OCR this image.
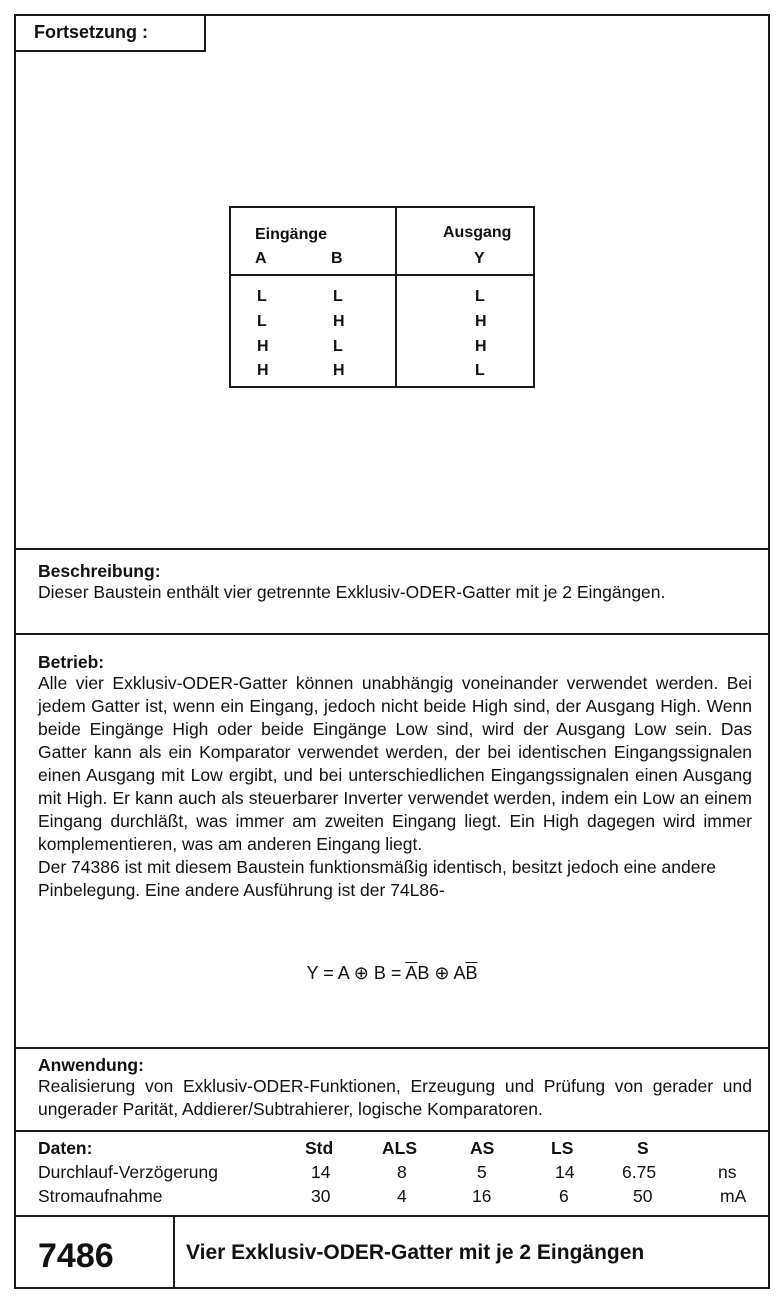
Fortsetzung :
Eingänge	Ausgang
A	B	Y
L	L	L
L	H	H
H	L	H
H	H	L
Beschreibung:

Dieser Baustein enthält vier getrennte Exklusiv-ODER-Gatter mit je 2 Eingängen.

Betrieb:

Alle vier Exklusiv-ODER-Gatter können unabhängig voneinander verwendet werden. Bei jedem Gatter ist, wenn ein Eingang, jedoch nicht beide High sind, der Ausgang High. Wenn beide Eingänge High oder beide Eingänge Low sind, wird der Ausgang Low sein. Das Gatter kann als ein Komparator verwendet werden, der bei identischen Eingangssignalen einen Ausgang mit Low ergibt, und bei unterschiedlichen Eingangssignalen einen Ausgang mit High. Er kann auch als steuerbarer Inverter verwendet werden, indem ein Low an einem Eingang durchläßt, was immer am zweiten Eingang liegt. Ein High dagegen wird immer komplementieren, was am anderen Eingang liegt.

Der 74386 ist mit diesem Baustein funktionsmäßig identisch, besitzt jedoch eine andere Pinbelegung. Eine andere Ausführung ist der 74L86-

Y = A ⊕ $B = \overline{A}B$ ⊕ $A\overline{B}$
Anwendung:

Realisierung von Exklusiv-ODER-Funktionen, Erzeugung und Prüfung von gerader und ungerader Parität, Addierer/Subtrahierer, logische Komparatoren.

Daten:	Std	ALS	AS	LS	S
Durchlauf-Verzögerung	14	8	5	14	6.75	ns
Stromaufnahme	30	4	16	6	50	mA
7486	Vier Exklusiv-ODER-Gatter mit je 2 Eingängen
